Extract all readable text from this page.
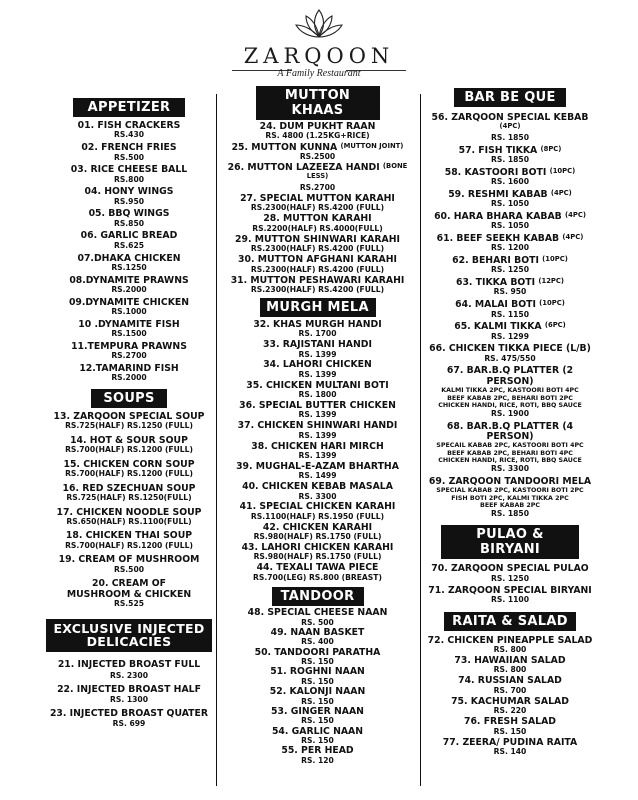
ZARQOON
A Family Restaurant
APPETIZER
01. FISH CRACKERS
RS.430
02. FRENCH FRIES
RS.500
03. RICE CHEESE BALL
RS.800
04. HONY WINGS
RS.950
05. BBQ WINGS
RS.850
06. GARLIC BREAD
RS.625
07.DHAKA CHICKEN
RS.1250
08.DYNAMITE PRAWNS
RS.2000
09.DYNAMITE CHICKEN
RS.1000
10 .DYNAMITE FISH
RS.1500
11.TEMPURA PRAWNS
RS.2700
12.TAMARIND FISH
RS.2000
SOUPS
13. ZARQOON SPECIAL SOUP
RS.725(HALF) RS.1250 (FULL)
14. HOT & SOUR SOUP
RS.700(HALF) RS.1200 (FULL)
15. CHICKEN CORN SOUP
RS.700(HALF) RS.1200 (FULL)
16. RED SZECHUAN SOUP
RS.725(HALF) RS.1250(FULL)
17. CHICKEN NOODLE SOUP
RS.650(HALF) RS.1100(FULL)
18. CHICKEN THAI SOUP
RS.700(HALF) RS.1200 (FULL)
19. CREAM OF MUSHROOM
RS.500
20. CREAM OF
MUSHROOM & CHICKEN
RS.525
EXCLUSIVE INJECTED
DELICACIES
21. INJECTED BROAST FULL
RS. 2300
22. INJECTED BROAST HALF
RS. 1300
23. INJECTED BROAST QUATER
RS. 699
MUTTON KHAAS
24. DUM PUKHT RAAN
RS. 4800 (1.25KG+RICE)
25. MUTTON KUNNA $^{(MUTTON JOINT)}$
RS.2500
26. MUTTON LAZEEZA HANDI $^{(BONE LESS)}$
RS.2700
27. SPECIAL MUTTON KARAHI
RS.2300(HALF) RS.4200 (FULL)
28. MUTTON KARAHI
RS.2200(HALF) RS.4000(FULL)
29. MUTTON SHINWARI KARAHI
RS.2300(HALF) RS.4200 (FULL)
30. MUTTON AFGHANI KARAHI
RS.2300(HALF) RS.4200 (FULL)
31. MUTTON PESHAWARI KARAHI
RS.2300(HALF) RS.4200 (FULL)
MURGH MELA
32. KHAS MURGH HANDI
RS. 1700
33. RAJISTANI HANDI
RS. 1399
34. LAHORI CHICKEN
RS. 1399
35. CHICKEN MULTANI BOTI
RS. 1800
36. SPECIAL BUTTER CHICKEN
RS. 1399
37. CHICKEN SHINWARI HANDI
RS. 1399
38. CHICKEN HARI MIRCH
RS. 1399
39. MUGHAL-E-AZAM BHARTHA
RS. 1499
40. CHICKEN KEBAB MASALA
RS. 3300
41. SPECIAL CHICKEN KARAHI
RS.1100(HALF) RS.1950 (FULL)
42. CHICKEN KARAHI
RS.980(HALF) RS.1750 (FULL)
43. LAHORI CHICKEN KARAHI
RS.980(HALF) RS.1750 (FULL)
44. TEXALI TAWA PIECE
RS.700(LEG) RS.800 (BREAST)
TANDOOR
48. SPECIAL CHEESE NAAN
RS. 500
49. NAAN BASKET
RS. 400
50. TANDOORI PARATHA
RS. 150
51. ROGHNI NAAN
RS. 150
52. KALONJI NAAN
RS. 150
53. GINGER NAAN
RS. 150
54. GARLIC NAAN
RS. 150
55. PER HEAD
RS. 120
BAR BE QUE
56. ZARQOON SPECIAL KEBAB $^{(4PC)}$
RS. 1850
57. FISH TIKKA $^{(8PC)}$
RS. 1850
58. KASTOORI BOTI $^{(10PC)}$
RS. 1600
59. RESHMI KABAB $^{(4PC)}$
RS. 1050
60. HARA BHARA KABAB $^{(4PC)}$
RS. 1050
61. BEEF SEEKH KABAB $^{(4PC)}$
RS. 1200
62. BEHARI BOTI $^{(10PC)}$
RS. 1250
63. TIKKA BOTI $^{(12PC)}$
RS. 950
64. MALAI BOTI $^{(10PC)}$
RS. 1150
65. KALMI TIKKA $^{(6PC)}$
RS. 1299
66. CHICKEN TIKKA PIECE (L/B)
RS. 475/550
67. BAR.B.Q PLATTER (2 PERSON)
KALMI TIKKA 2PC, KASTOORI BOTI 4PC
BEEF KABAB 2PC, BEHARI BOTI 2PC
CHICKEN HANDI, RICE, ROTI, BBQ SAUCE
RS. 1900
68. BAR.B.Q PLATTER (4 PERSON)
SPECAIL KABAB 2PC, KASTOORI BOTI 4PC
BEEF KABAB 2PC, BEHARI BOTI 4PC
CHICKEN HANDI, RICE, ROTI, BBQ SAUCE
RS. 3300
69. ZARQOON TANDOORI MELA
SPECIAL KABAB 2PC, KASTOORI BOTI 2PC
FISH BOTI 2PC, KALMI TIKKA 2PC
BEEF KABAB 2PC
RS. 1850
PULAO & BIRYANI
70. ZARQOON SPECIAL PULAO
RS. 1250
71. ZARQOON SPECIAL BIRYANI
RS. 1100
RAITA & SALAD
72. CHICKEN PINEAPPLE SALAD
RS. 800
73. HAWAIIAN SALAD
RS. 800
74. RUSSIAN SALAD
RS. 700
75. KACHUMAR SALAD
RS. 220
76. FRESH SALAD
RS. 150
77. ZEERA/ PUDINA RAITA
RS. 140
